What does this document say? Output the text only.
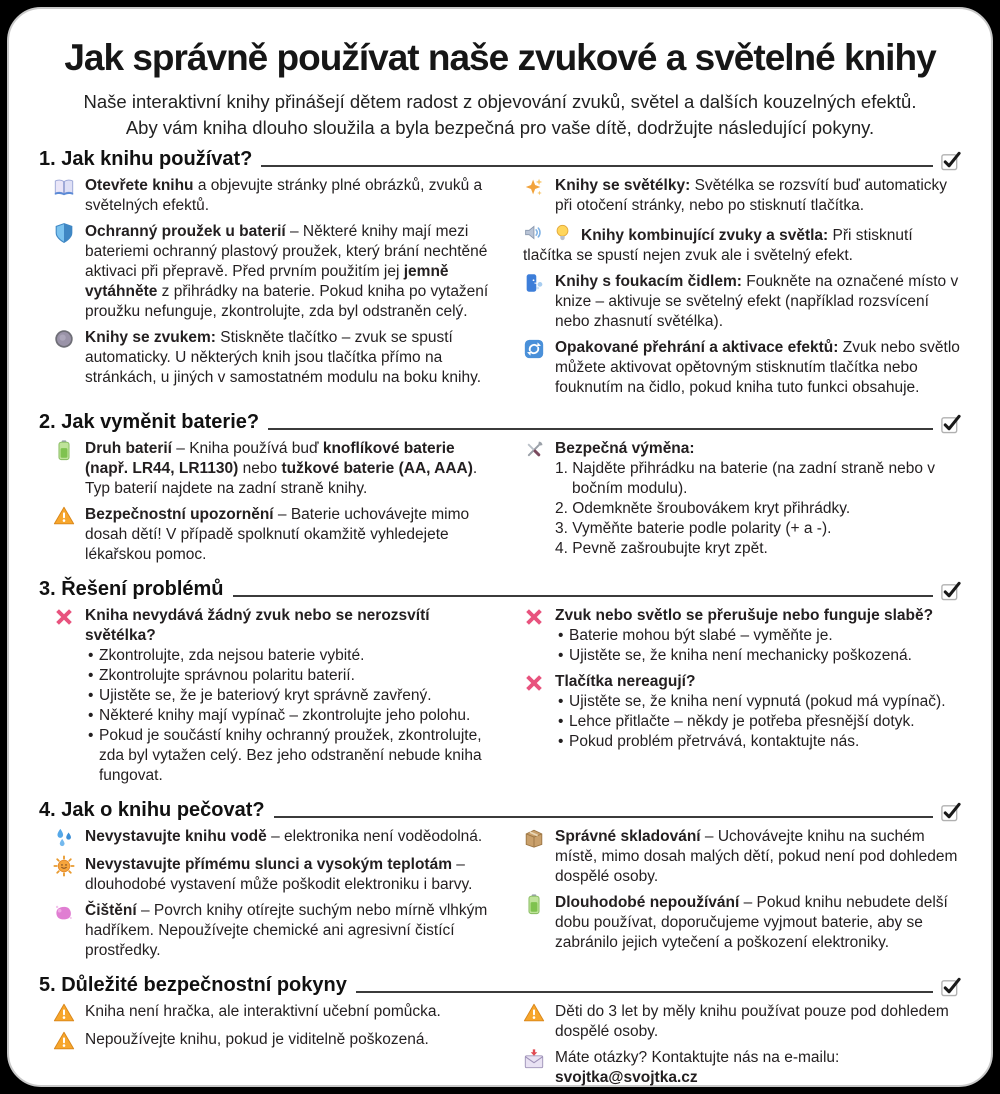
Jak správně používat naše zvukové a světelné knihy

Naše interaktivní knihy přinášejí dětem radost z objevování zvuků, světel a dalších kouzelných efektů.
Aby vám kniha dlouho sloužila a byla bezpečná pro vaše dítě, dodržujte následující pokyny.

1. Jak knihu používat?
Otevřete knihu a objevujte stránky plné obrázků, zvuků a světelných efektů.
Ochranný proužek u baterií – Některé knihy mají mezi bateriemi ochranný plastový proužek, který brání nechtěné aktivaci při přepravě. Před prvním použitím jej jemně vytáhněte z přihrádky na baterie. Pokud kniha po vytažení proužku nefunguje, zkontrolujte, zda byl odstraněn celý.
Knihy se zvukem: Stiskněte tlačítko – zvuk se spustí automaticky. U některých knih jsou tlačítka přímo na stránkách, u jiných v samostatném modulu na boku knihy.
Knihy se světélky: Světélka se rozsvítí buď automaticky při otočení stránky, nebo po stisknutí tlačítka.
Knihy kombinující zvuky a světla: Při stisknutí tlačítka se spustí nejen zvuk ale i světelný efekt.
Knihy s foukacím čidlem: Foukněte na označené místo v knize – aktivuje se světelný efekt (například rozsvícení nebo zhasnutí světélka).
Opakované přehrání a aktivace efektů: Zvuk nebo světlo můžete aktivovat opětovným stisknutím tlačítka nebo fouknutím na čidlo, pokud kniha tuto funkci obsahuje.
2. Jak vyměnit baterie?
Druh baterií – Kniha používá buď knoflíkové baterie (např. LR44, LR1130) nebo tužkové baterie (AA, AAA). Typ baterií najdete na zadní straně knihy.
Bezpečnostní upozornění – Baterie uchovávejte mimo dosah dětí! V případě spolknutí okamžitě vyhledejete lékařskou pomoc.
Bezpečná výměna:
1. Najděte přihrádku na baterie (na zadní straně nebo v bočním modulu).
2. Odemkněte šroubovákem kryt přihrádky.
3. Vyměňte baterie podle polarity (+ a -).
4. Pevně zašroubujte kryt zpět.
3. Řešení problémů
Kniha nevydává žádný zvuk nebo se nerozsvítí světélka?
• Zkontrolujte, zda nejsou baterie vybité.
• Zkontrolujte správnou polaritu baterií.
• Ujistěte se, že je bateriový kryt správně zavřený.
• Některé knihy mají vypínač – zkontrolujte jeho polohu.
• Pokud je součástí knihy ochranný proužek, zkontrolujte, zda byl vytažen celý. Bez jeho odstranění nebude kniha fungovat.
Zvuk nebo světlo se přerušuje nebo funguje slabě?
• Baterie mohou být slabé – vyměňte je.
• Ujistěte se, že kniha není mechanicky poškozená.
Tlačítka nereagují?
• Ujistěte se, že kniha není vypnutá (pokud má vypínač).
• Lehce přitlačte – někdy je potřeba přesnější dotyk.
• Pokud problém přetrvává, kontaktujte nás.
4. Jak o knihu pečovat?
Nevystavujte knihu vodě – elektronika není voděodolná.
Nevystavujte přímému slunci a vysokým teplotám – dlouhodobé vystavení může poškodit elektroniku i barvy.
Čištění – Povrch knihy otírejte suchým nebo mírně vlhkým hadříkem. Nepoužívejte chemické ani agresivní čistící prostředky.
Správné skladování – Uchovávejte knihu na suchém místě, mimo dosah malých dětí, pokud není pod dohledem dospělé osoby.
Dlouhodobé nepoužívání – Pokud knihu nebudete delší dobu používat, doporučujeme vyjmout baterie, aby se zabránilo jejich vytečení a poškození elektroniky.
5. Důležité bezpečnostní pokyny
Kniha není hračka, ale interaktivní učební pomůcka.
Nepoužívejte knihu, pokud je viditelně poškozená.
Děti do 3 let by měly knihu používat pouze pod dohledem dospělé osoby.
Máte otázky? Kontaktujte nás na e-mailu: svojtka@svojtka.cz
